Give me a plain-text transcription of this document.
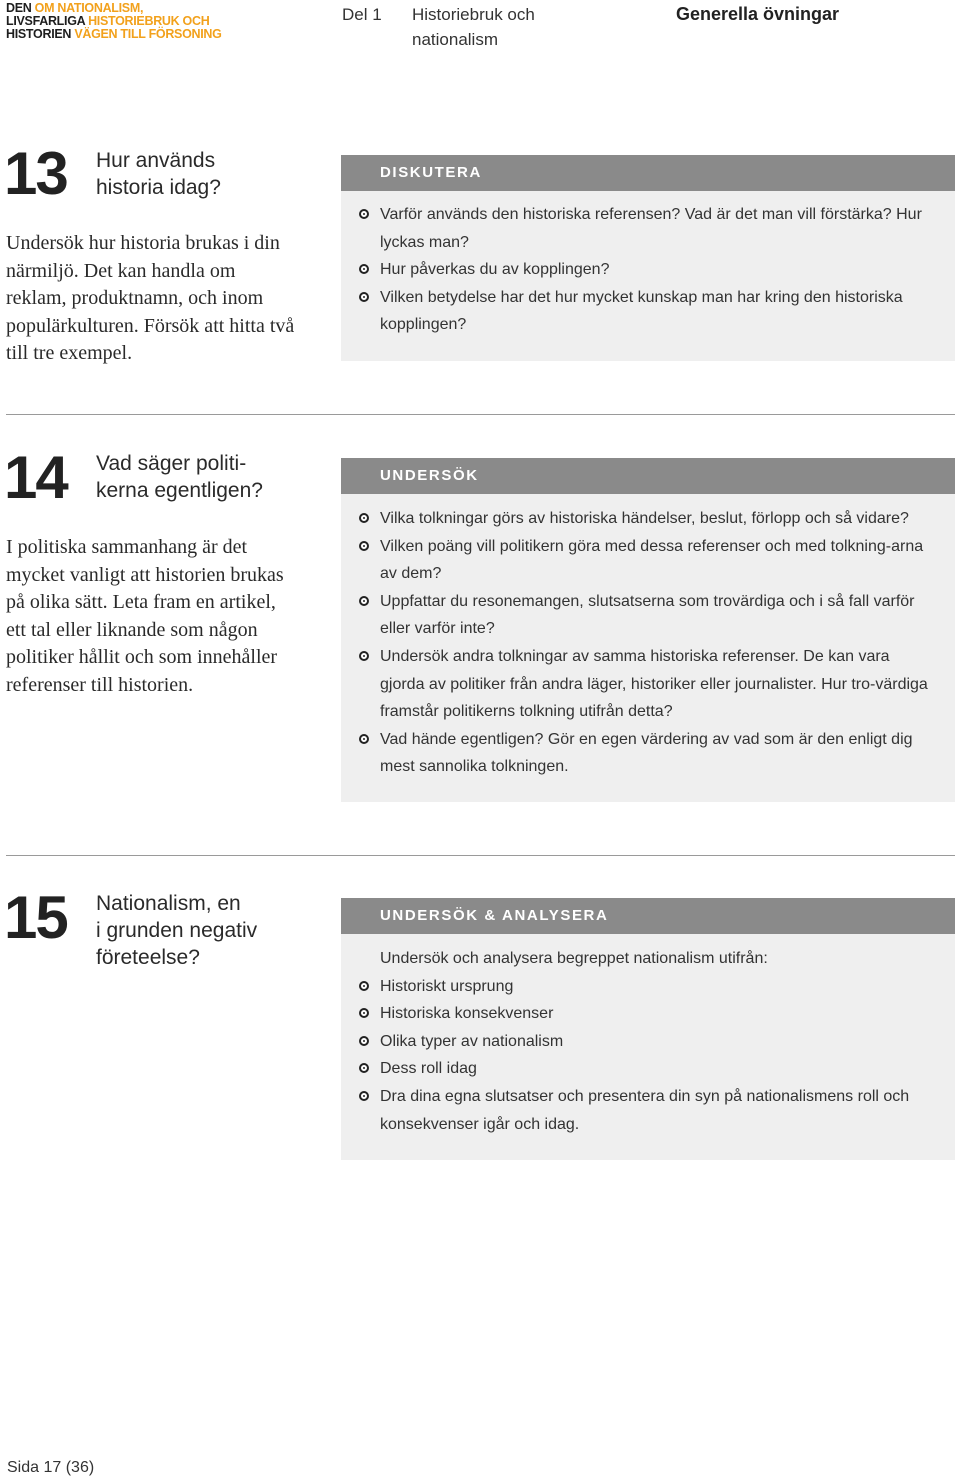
DEN OM NATIONALISM,
LIVSFARLIGA HISTORIEBRUK OCH
HISTORIEN VÄGEN TILL FÖRSONING
Del 1 Historiebruk och nationalism
Generella övningar
13 Hur används
historia idag?
Undersök hur historia brukas i din närmiljö. Det kan handla om reklam, produktnamn, och inom populärkulturen. Försök att hitta två till tre exempel.
DISKUTERA

Varför används den historiska referensen? Vad är det man vill förstärka? Hur lyckas man?

Hur påverkas du av kopplingen?

Vilken betydelse har det hur mycket kunskap man har kring den historiska kopplingen?

14 Vad säger politi-
kerna egentligen?
I politiska sammanhang är det mycket vanligt att historien brukas på olika sätt. Leta fram en artikel, ett tal eller liknande som någon politiker hållit och som innehåller referenser till historien.
UNDERSÖK

Vilka tolkningar görs av historiska händelser, beslut, förlopp och så vidare?

Vilken poäng vill politikern göra med dessa referenser och med tolkning-arna av dem?

Uppfattar du resonemangen, slutsatserna som trovärdiga och i så fall varför eller varför inte?

Undersök andra tolkningar av samma historiska referenser. De kan vara gjorda av politiker från andra läger, historiker eller journalister. Hur tro-värdiga framstår politikerns tolkning utifrån detta?

Vad hände egentligen? Gör en egen värdering av vad som är den enligt dig mest sannolika tolkningen.

15 Nationalism, en
i grunden negativ
företeelse?
UNDERSÖK & ANALYSERA

Undersök och analysera begreppet nationalism utifrån:

Historiskt ursprung

Historiska konsekvenser

Olika typer av nationalism

Dess roll idag

Dra dina egna slutsatser och presentera din syn på nationalismens roll och konsekvenser igår och idag.

Sida 17 (36)
